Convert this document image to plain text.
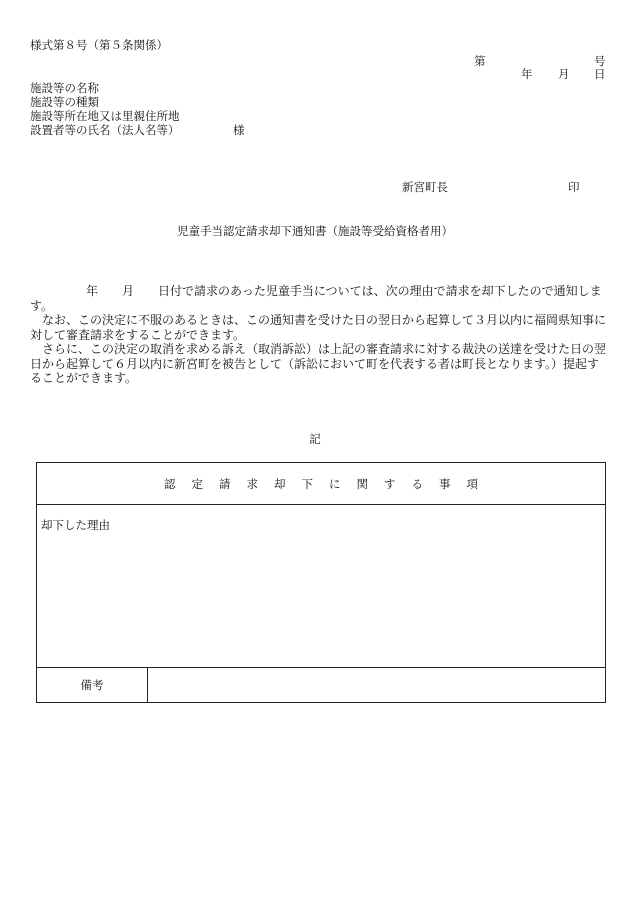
様式第８号（第５条関係）
第	号
年 月 日
施設等の名称
施設等の種類
施設等所在地又は里親住所地
設置者等の氏名（法人名等）	様
新宮町長	印
児童手当認定請求却下通知書（施設等受給資格者用）

年 月 日付で請求のあった児童手当については、次の理由で請求を却下したので通知します。

　なお、この決定に不服のあるときは、この通知書を受けた日の翌日から起算して３月以内に福岡県知事に対して審査請求をすることができます。

　さらに、この決定の取消を求める訴え（取消訴訟）は上記の審査請求に対する裁決の送達を受けた日の翌日から起算して６月以内に新宮町を被告として（訴訟において町を代表する者は町長となります。）提起することができます。

記
認定請求却下に関する事項
却下した理由
備考
